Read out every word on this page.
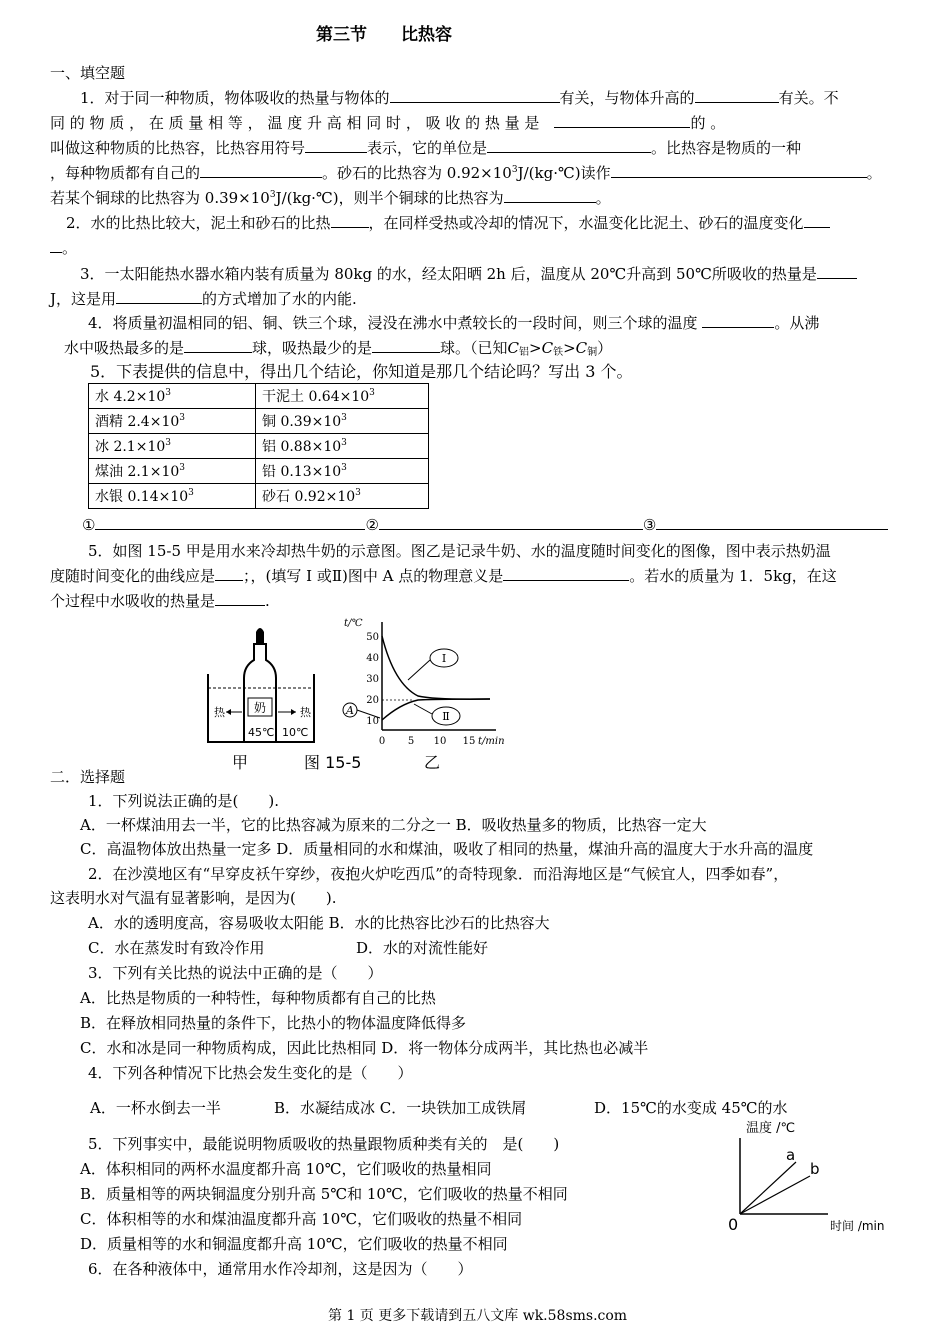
第三节　　比热容
一、填空题
1．对于同一种物质，物体吸收的热量与物体的	有关，与物体升高的	有关。不
同 的 物 质 ， 在 质 量 相 等 ， 温 度 升 高 相 同 时 ， 吸 收 的 热 量 是　	的 。
叫做这种物质的比热容，比热容用符号	表示，它的单位是	。比热容是物质的一种
，每种物质都有自己的	。砂石的比热容为 $0.92\times 10^3J/(kg\cdot℃)$读作	。
若某个铜球的比热容为 $0.39\times 10^3J/(kg\cdot℃)$，则半个铜球的比热容为	。
2．水的比热比较大，泥土和砂石的比热	，在同样受热或冷却的情况下，水温变化比泥土、砂石的温度变化
。
3．一太阳能热水器水箱内装有质量为 80kg 的水，经太阳晒 2h 后，温度从 20℃升高到 50℃所吸收的热量是
J，这是用	的方式增加了水的内能.
4．将质量初温相同的铝、铜、铁三个球，浸没在沸水中煮较长的一段时间，则三个球的温度	。从沸
水中吸热最多的是	球，吸热最少的是	球。（已知$C_铝>C_铁>C_铜$）
5．下表提供的信息中，得出几个结论，你知道是那几个结论吗？写出 3 个。
水 $4.2\times 10^3$	干泥土 $0.64\times 10^3$
酒精 $2.4\times 10^3$	铜 $0.39\times 10^3$
冰 $2.1\times 10^3$	铝 $0.88\times 10^3$
煤油 $2.1\times 10^3$	铅 $0.13\times 10^3$
水银 $0.14\times 10^3$	砂石 $0.92\times 10^3$
①	②	③
5．如图 15-5 甲是用水来冷却热牛奶的示意图。图乙是记录牛奶、水的温度随时间变化的图像，图中表示热奶温
度随时间变化的曲线应是 ；，(填写 I 或Ⅱ)图中 A 点的物理意义是	。若水的质量为 1．5kg，在这
个过程中水吸收的热量是	.
奶
热	热
45℃ 10℃
t/℃
50
40
30
20
10
0 5 10 15 t/min
Ⅰ
Ⅱ
A
甲	图 15-5	乙
二．选择题
1．下列说法正确的是(　　).
A．一杯煤油用去一半，它的比热容减为原来的二分之一 B．吸收热量多的物质，比热容一定大
C．高温物体放出热量一定多 D．质量相同的水和煤油，吸收了相同的热量，煤油升高的温度大于水升高的温度
2．在沙漠地区有“早穿皮袄午穿纱，夜抱火炉吃西瓜”的奇特现象．而沿海地区是“气候宜人，四季如春”，
这表明水对气温有显著影响，是因为(　　).
A．水的透明度高，容易吸收太阳能 B．水的比热容比沙石的比热容大
C．水在蒸发时有致冷作用	D．水的对流性能好
3．下列有关比热的说法中正确的是（　　）
A．比热是物质的一种特性，每种物质都有自己的比热
B．在释放相同热量的条件下，比热小的物体温度降低得多
C．水和冰是同一种物质构成，因此比热相同 D．将一物体分成两半，其比热也必减半
4．下列各种情况下比热会发生变化的是（　　）
A．一杯水倒去一半	B．水凝结成冰 C．一块铁加工成铁屑	D．15℃的水变成 45℃的水
5．下列事实中，最能说明物质吸收的热量跟物质种类有关的　是(　　)
A．体积相同的两杯水温度都升高 10℃，它们吸收的热量相同
B．质量相等的两块铜温度分别升高 5℃和 10℃，它们吸收的热量不相同
C．体积相等的水和煤油温度都升高 10℃，它们吸收的热量不相同
D．质量相等的水和铜温度都升高 10℃，它们吸收的热量不相同
6．在各种液体中，通常用水作冷却剂，这是因为（　　）
温度 /℃
a
b
0	时间 /min
第 1 页 更多下载请到五八文库 wk.58sms.com
